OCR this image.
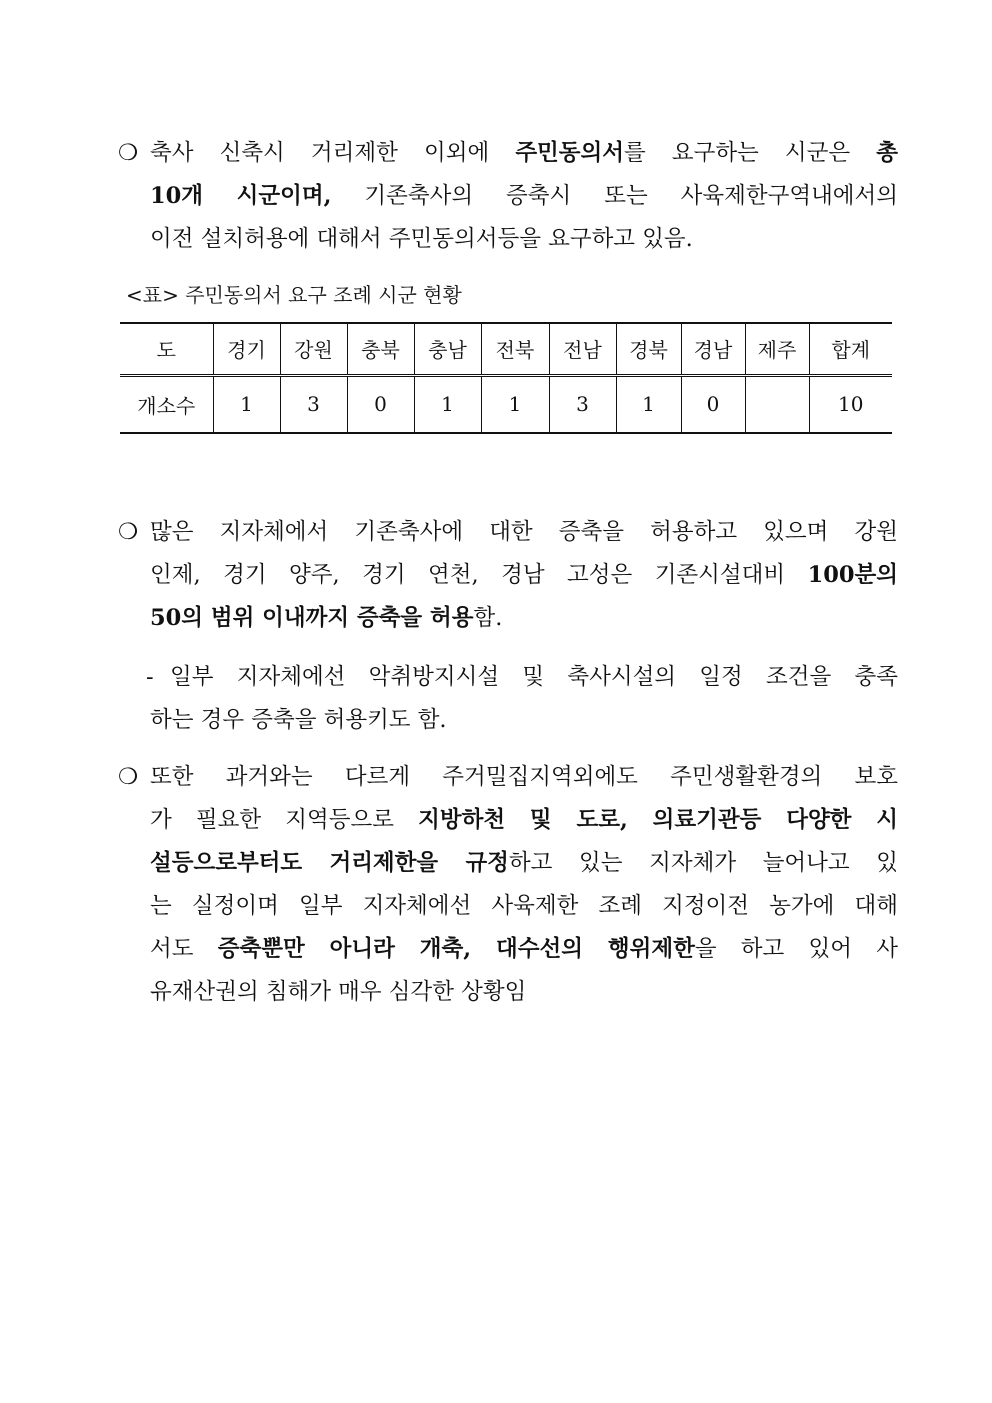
❍ 축사 신축시 거리제한 이외에 주민동의서를 요구하는 시군은 총
10개 시군이며, 기존축사의 증축시 또는 사육제한구역내에서의
이전 설치허용에 대해서 주민동의서등을 요구하고 있음.
<표> 주민동의서 요구 조례 시군 현황
도	경기	강원	충북	충남	전북	전남	경북	경남	제주	합계
개소수	1	3	0	1	1	3	1	0		10
❍ 많은 지자체에서 기존축사에 대한 증축을 허용하고 있으며 강원
인제, 경기 양주, 경기 연천, 경남 고성은 기존시설대비 100분의
50의 범위 이내까지 증축을 허용함.
- 일부 지자체에선 악취방지시설 및 축사시설의 일정 조건을 충족
하는 경우 증축을 허용키도 함.
❍ 또한 과거와는 다르게 주거밀집지역외에도 주민생활환경의 보호
가 필요한 지역등으로 지방하천 및 도로, 의료기관등 다양한 시
설등으로부터도 거리제한을 규정하고 있는 지자체가 늘어나고 있
는 실정이며 일부 지자체에선 사육제한 조례 지정이전 농가에 대해
서도 증축뿐만 아니라 개축, 대수선의 행위제한을 하고 있어 사
유재산권의 침해가 매우 심각한 상황임
